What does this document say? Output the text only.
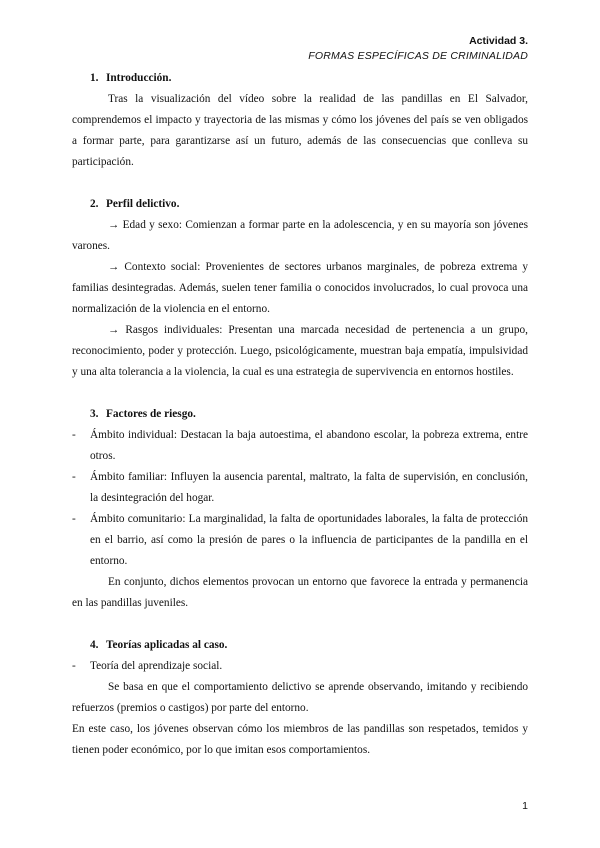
Actividad 3.
FORMAS ESPECÍFICAS DE CRIMINALIDAD
1. Introducción.

Tras la visualización del vídeo sobre la realidad de las pandillas en El Salvador, comprendemos el impacto y trayectoria de las mismas y cómo los jóvenes del país se ven obligados a formar parte, para garantizarse así un futuro, además de las consecuencias que conlleva su participación.

2. Perfil delictivo.

→ Edad y sexo: Comienzan a formar parte en la adolescencia, y en su mayoría son jóvenes varones.

→ Contexto social: Provenientes de sectores urbanos marginales, de pobreza extrema y familias desintegradas. Además, suelen tener familia o conocidos involucrados, lo cual provoca una normalización de la violencia en el entorno.

→ Rasgos individuales: Presentan una marcada necesidad de pertenencia a un grupo, reconocimiento, poder y protección. Luego, psicológicamente, muestran baja empatía, impulsividad y una alta tolerancia a la violencia, la cual es una estrategia de supervivencia en entornos hostiles.

3. Factores de riesgo.
- Ámbito individual: Destacan la baja autoestima, el abandono escolar, la pobreza extrema, entre otros.

- Ámbito familiar: Influyen la ausencia parental, maltrato, la falta de supervisión, en conclusión, la desintegración del hogar.

- Ámbito comunitario: La marginalidad, la falta de oportunidades laborales, la falta de protección en el barrio, así como la presión de pares o la influencia de participantes de la pandilla en el entorno.

En conjunto, dichos elementos provocan un entorno que favorece la entrada y permanencia en las pandillas juveniles.

4. Teorías aplicadas al caso.
- Teoría del aprendizaje social.

Se basa en que el comportamiento delictivo se aprende observando, imitando y recibiendo refuerzos (premios o castigos) por parte del entorno.

En este caso, los jóvenes observan cómo los miembros de las pandillas son respetados, temidos y tienen poder económico, por lo que imitan esos comportamientos.

1
